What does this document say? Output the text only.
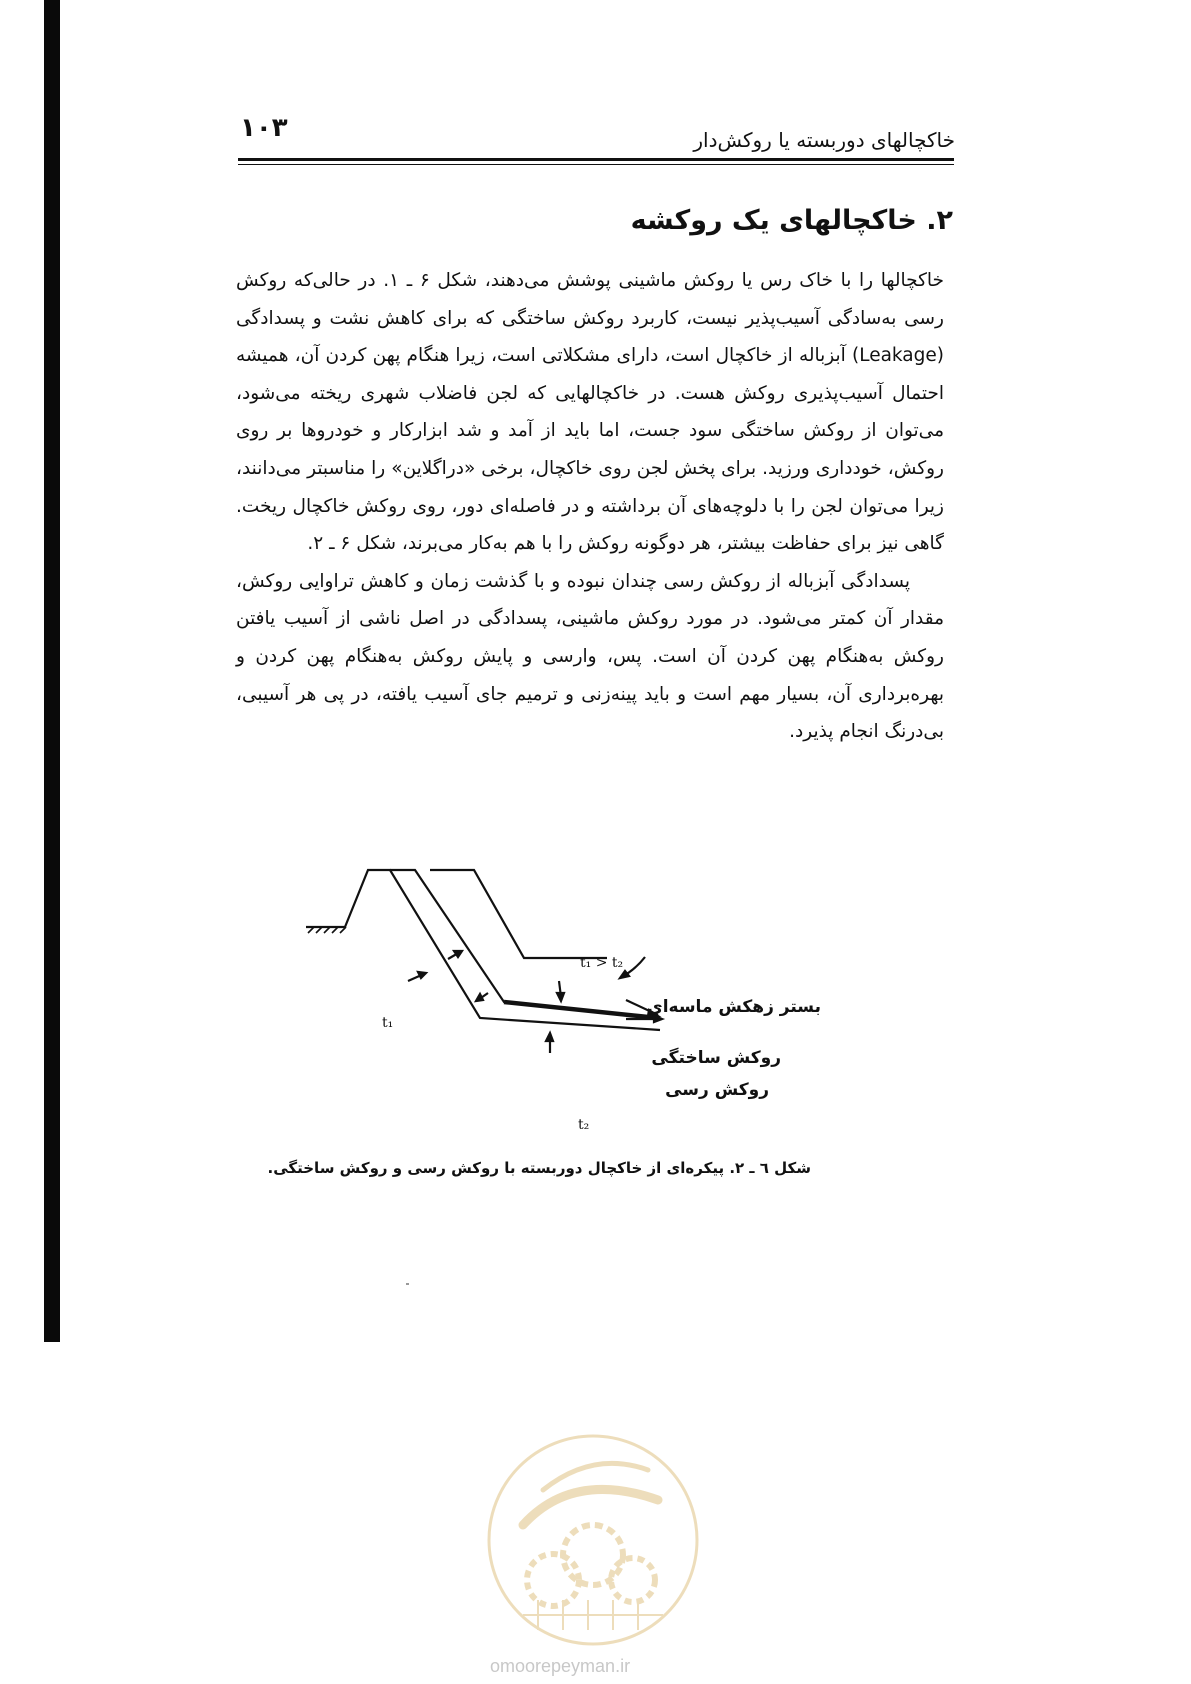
۱۰۳	خاکچالهای دوربسته یا روکش‌دار
۲. خاکچالهای یک روکشه

خاکچالها را با خاک رس یا روکش ماشینی پوشش می‌دهند، شکل ۶ ـ ۱. در حالی‌که روکش رسی به‌سادگی آسیب‌پذیر نیست، کاربرد روکش ساختگی که برای کاهش نشت و پسدادگی (Leakage) آبزباله از خاکچال است، دارای مشکلاتی است، زیرا هنگام پهن کردن آن، همیشه احتمال آسیب‌پذیری روکش هست. در خاکچالهایی که لجن فاضلاب شهری ریخته می‌شود، می‌توان از روکش ساختگی سود جست، اما باید از آمد و شد ابزارکار و خودروها بر روی روکش، خودداری ورزید. برای پخش لجن روی خاکچال، برخی «دراگلاین» را مناسبتر می‌دانند، زیرا می‌توان لجن را با دلوچه‌های آن برداشته و در فاصله‌ای دور، روی روکش خاکچال ریخت. گاهی نیز برای حفاظت بیشتر، هر دوگونه روکش را با هم به‌کار می‌برند، شکل ۶ ـ ۲.

پسدادگی آبزباله از روکش رسی چندان نبوده و با گذشت زمان و کاهش تراوایی روکش، مقدار آن کمتر می‌شود. در مورد روکش ماشینی، پسدادگی در اصل ناشی از آسیب یافتن روکش به‌هنگام پهن کردن آن است. پس، وارسی و پایش روکش به‌هنگام پهن کردن و بهره‌برداری آن، بسیار مهم است و باید پینه‌زنی و ترمیم جای آسیب یافته، در پی هر آسیبی، بی‌درنگ انجام پذیرد.

t₁
t₂
t₁ > t₂
بستر زهکش ماسه‌ای
روکش ساختگی
روکش رسی
شکل ٦ ـ ۲. پیکره‌ای از خاکچال دوربسته با روکش رسی و روکش ساختگی.
omoorepeyman.ir
